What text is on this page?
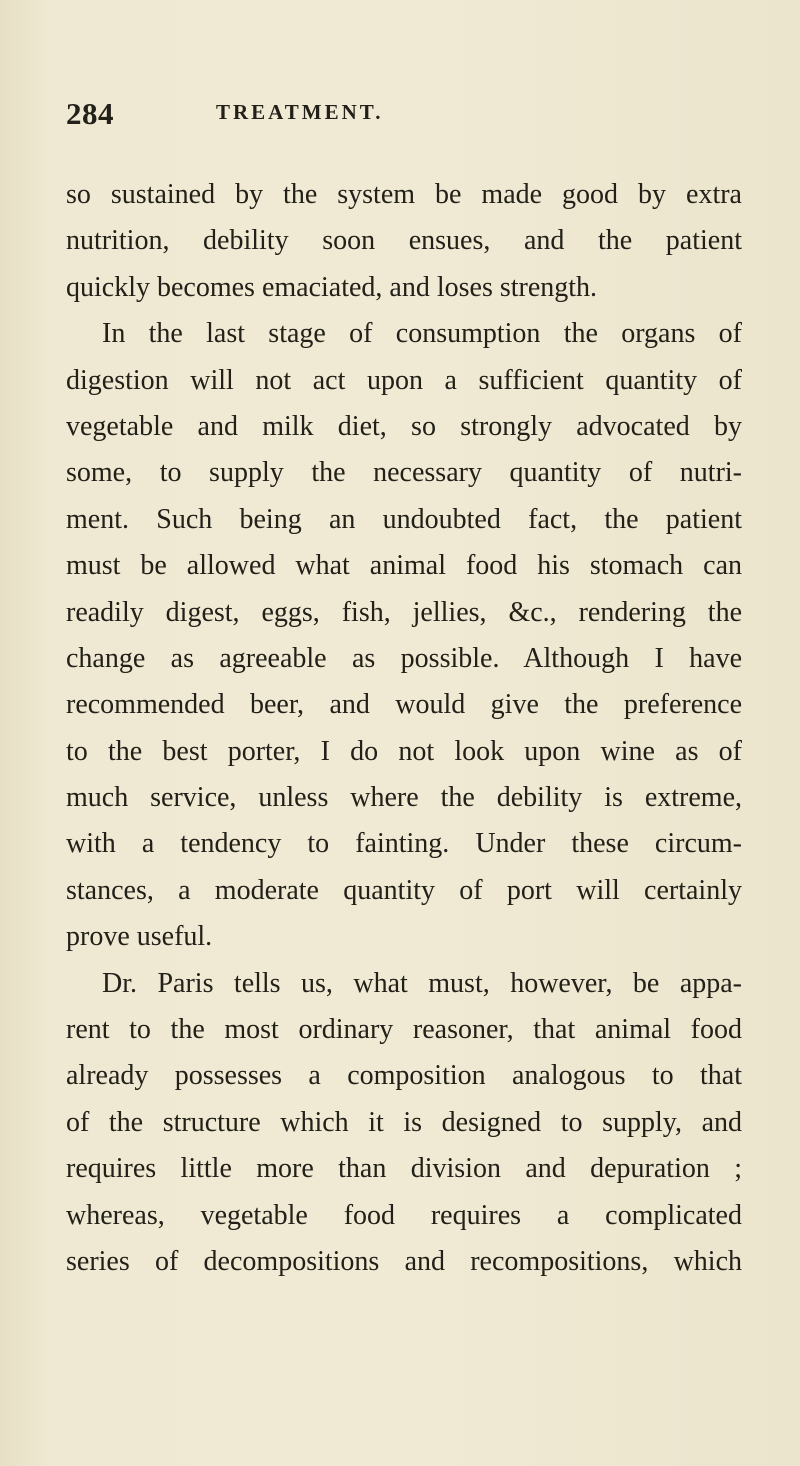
284	TREATMENT.
so sustained by the system be made good by extra
nutrition, debility soon ensues, and the patient
quickly becomes emaciated, and loses strength.
In the last stage of consumption the organs of
digestion will not act upon a sufficient quantity of
vegetable and milk diet, so strongly advocated by
some, to supply the necessary quantity of nutri-
ment. Such being an undoubted fact, the patient
must be allowed what animal food his stomach can
readily digest, eggs, fish, jellies, &c., rendering the
change as agreeable as possible. Although I have
recommended beer, and would give the preference
to the best porter, I do not look upon wine as of
much service, unless where the debility is extreme,
with a tendency to fainting. Under these circum-
stances, a moderate quantity of port will certainly
prove useful.
Dr. Paris tells us, what must, however, be appa-
rent to the most ordinary reasoner, that animal food
already possesses a composition analogous to that
of the structure which it is designed to supply, and
requires little more than division and depuration ;
whereas, vegetable food requires a complicated
series of decompositions and recompositions, which
